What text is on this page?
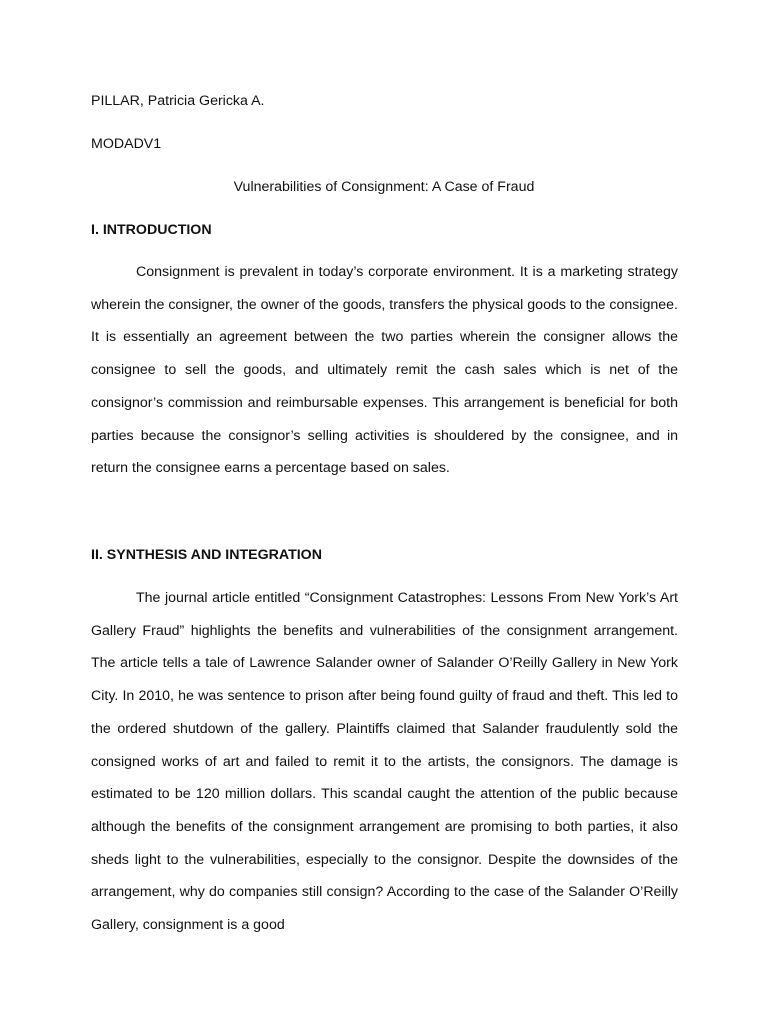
PILLAR, Patricia Gericka A.
MODADV1
Vulnerabilities of Consignment: A Case of Fraud
I. INTRODUCTION

Consignment is prevalent in today’s corporate environment. It is a marketing strategy wherein the consigner, the owner of the goods, transfers the physical goods to the consignee. It is essentially an agreement between the two parties wherein the consigner allows the consignee to sell the goods, and ultimately remit the cash sales which is net of the consignor’s commission and reimbursable expenses. This arrangement is beneficial for both parties because the consignor’s selling activities is shouldered by the consignee, and in return the consignee earns a percentage based on sales.

II. SYNTHESIS AND INTEGRATION

The journal article entitled “Consignment Catastrophes: Lessons From New York’s Art Gallery Fraud” highlights the benefits and vulnerabilities of the consignment arrangement. The article tells a tale of Lawrence Salander owner of Salander O’Reilly Gallery in New York City. In 2010, he was sentence to prison after being found guilty of fraud and theft. This led to the ordered shutdown of the gallery. Plaintiffs claimed that Salander fraudulently sold the consigned works of art and failed to remit it to the artists, the consignors. The damage is estimated to be 120 million dollars. This scandal caught the attention of the public because although the benefits of the consignment arrangement are promising to both parties, it also sheds light to the vulnerabilities, especially to the consignor. Despite the downsides of the arrangement, why do companies still consign? According to the case of the Salander O’Reilly Gallery, consignment is a good
